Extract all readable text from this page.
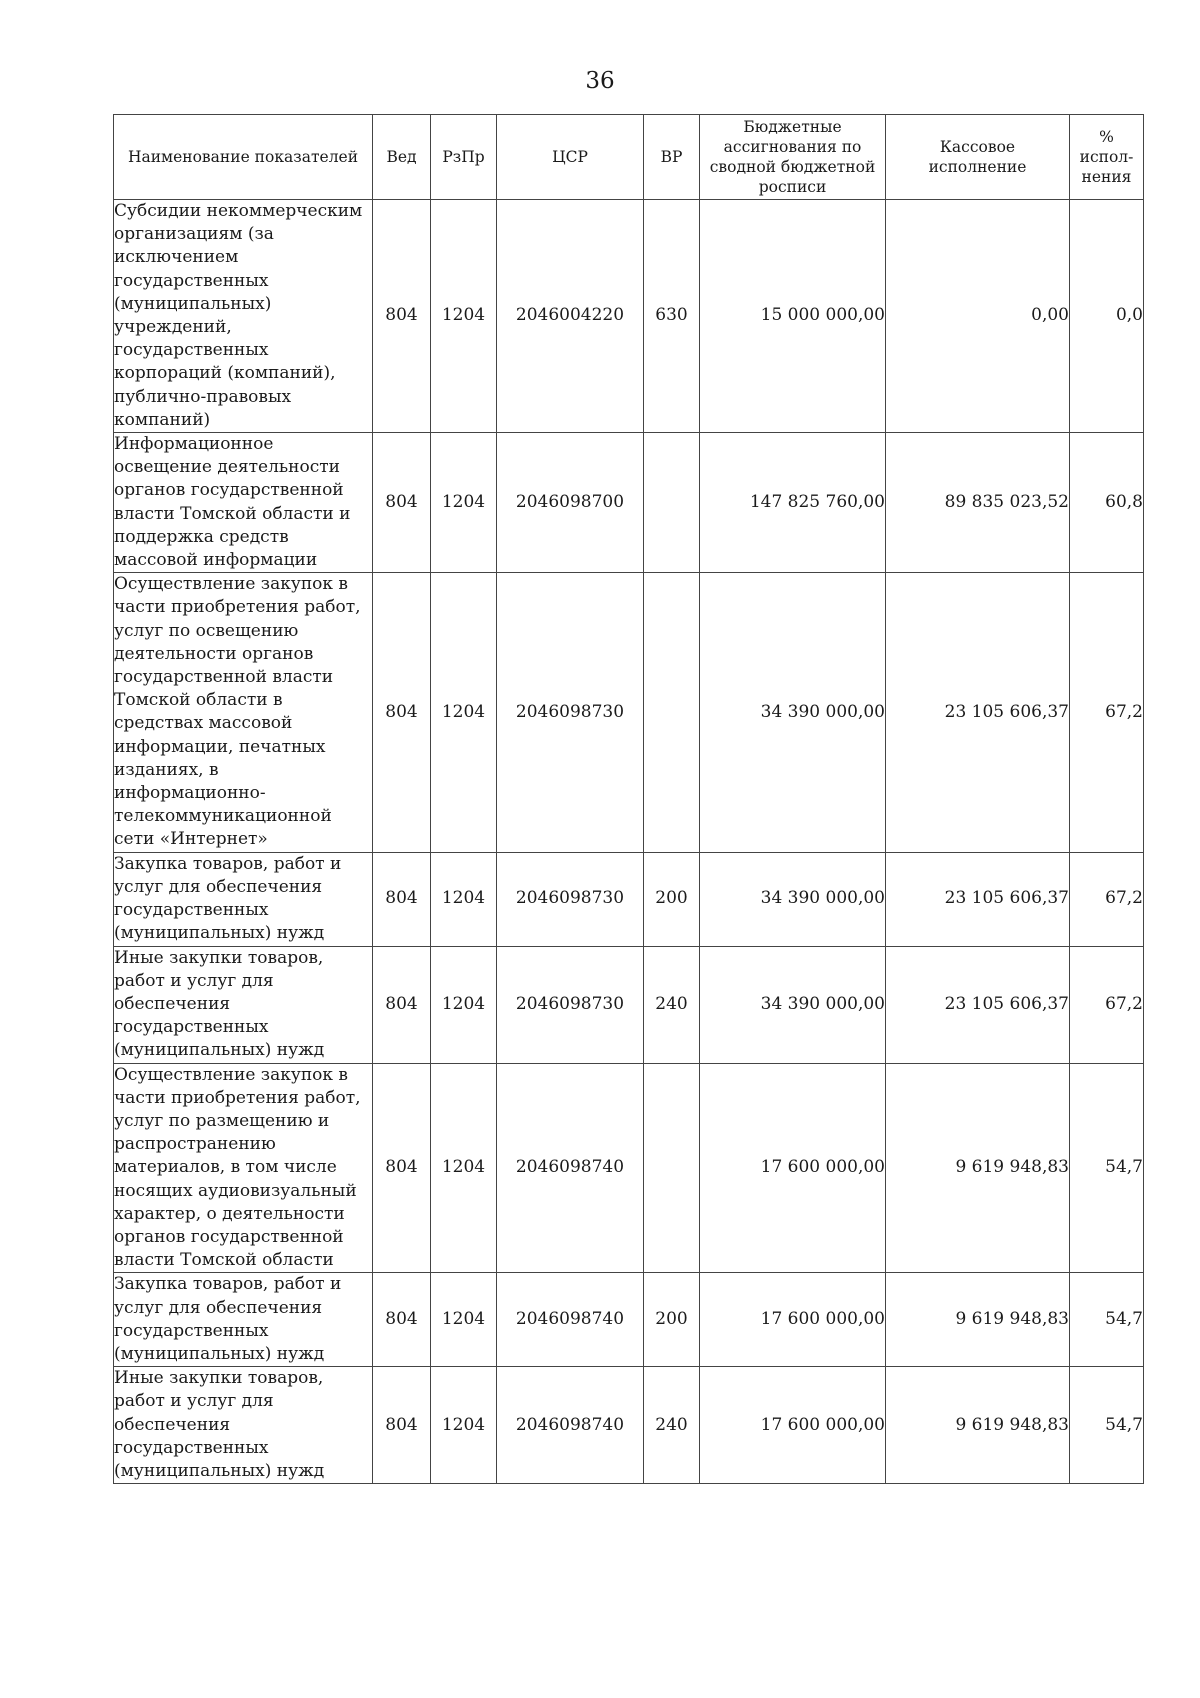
36
Наименование показателей	Вед	РзПр	ЦСР	ВР	Бюджетные ассигнования по сводной бюджетной росписи	Кассовое исполнение	% испол-нения
Субсидии некоммерческим организациям (за исключением государственных (муниципальных) учреждений, государственных корпораций (компаний), публично-правовых компаний)	804	1204	2046004220	630	15 000 000,00	0,00	0,0
Информационное освещение деятельности органов государственной власти Томской области и поддержка средств массовой информации	804	1204	2046098700		147 825 760,00	89 835 023,52	60,8
Осуществление закупок в части приобретения работ, услуг по освещению деятельности органов государственной власти Томской области в средствах массовой информации, печатных изданиях, в информационно-телекоммуникационной сети «Интернет»	804	1204	2046098730		34 390 000,00	23 105 606,37	67,2
Закупка товаров, работ и услуг для обеспечения государственных (муниципальных) нужд	804	1204	2046098730	200	34 390 000,00	23 105 606,37	67,2
Иные закупки товаров, работ и услуг для обеспечения государственных (муниципальных) нужд	804	1204	2046098730	240	34 390 000,00	23 105 606,37	67,2
Осуществление закупок в части приобретения работ, услуг по размещению и распространению материалов, в том числе носящих аудиовизуальный характер, о деятельности органов государственной власти Томской области	804	1204	2046098740		17 600 000,00	9 619 948,83	54,7
Закупка товаров, работ и услуг для обеспечения государственных (муниципальных) нужд	804	1204	2046098740	200	17 600 000,00	9 619 948,83	54,7
Иные закупки товаров, работ и услуг для обеспечения государственных (муниципальных) нужд	804	1204	2046098740	240	17 600 000,00	9 619 948,83	54,7
